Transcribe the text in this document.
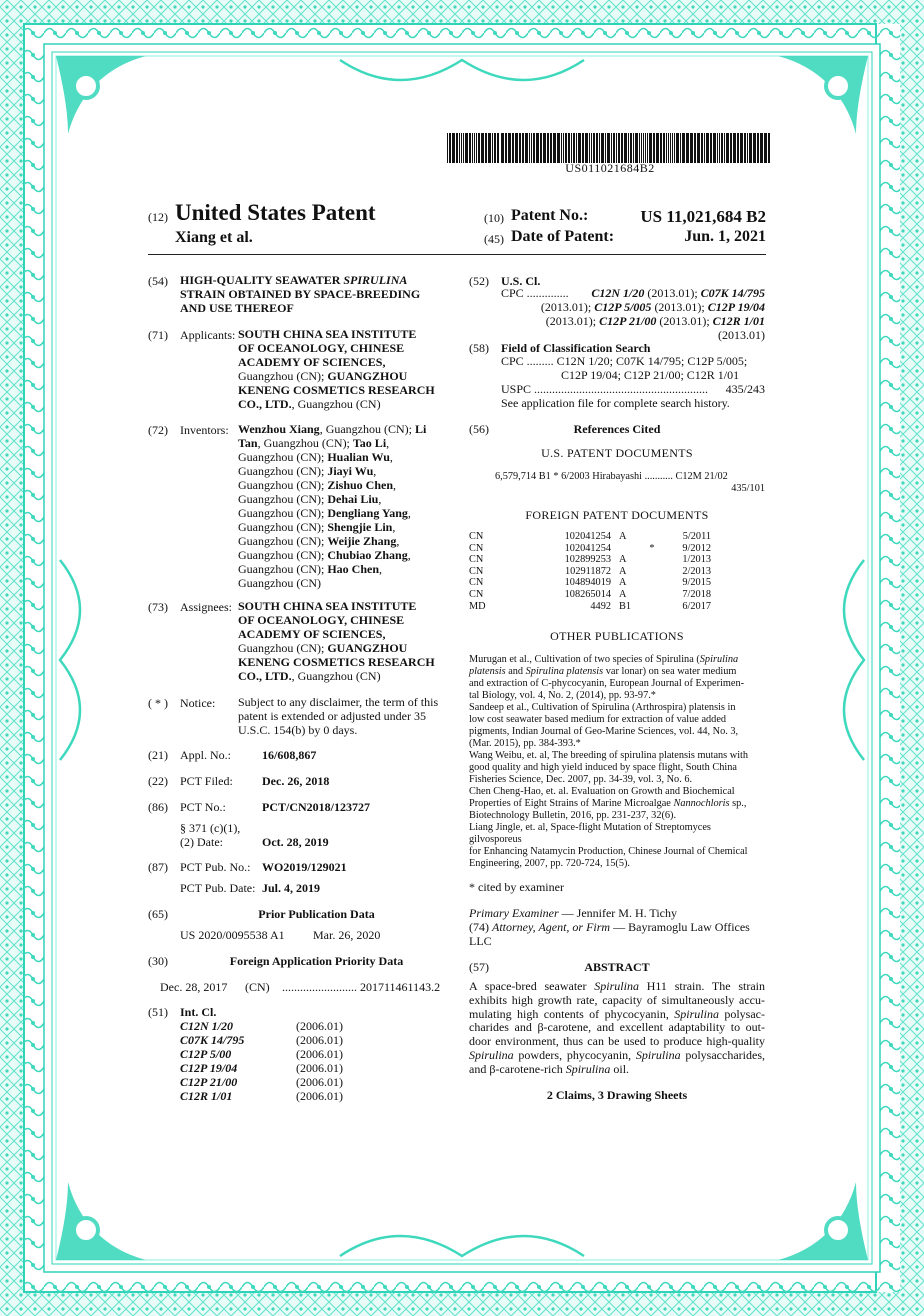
US011021684B2
(12) United States Patent
Xiang et al.
(10) Patent No.:	US 11,021,684 B2
(45) Date of Patent:	Jun. 1, 2021
(54) HIGH-QUALITY SEAWATER SPIRULINA
STRAIN OBTAINED BY SPACE-BREEDING
AND USE THEREOF
(71) Applicants: SOUTH CHINA SEA INSTITUTE
OF OCEANOLOGY, CHINESE
ACADEMY OF SCIENCES,
Guangzhou (CN); GUANGZHOU
KENENG COSMETICS RESEARCH
CO., LTD., Guangzhou (CN)
(72) Inventors: Wenzhou Xiang, Guangzhou (CN); Li
Tan, Guangzhou (CN); Tao Li,
Guangzhou (CN); Hualian Wu,
Guangzhou (CN); Jiayi Wu,
Guangzhou (CN); Zishuo Chen,
Guangzhou (CN); Dehai Liu,
Guangzhou (CN); Dengliang Yang,
Guangzhou (CN); Shengjie Lin,
Guangzhou (CN); Weijie Zhang,
Guangzhou (CN); Chubiao Zhang,
Guangzhou (CN); Hao Chen,
Guangzhou (CN)
(73) Assignees: SOUTH CHINA SEA INSTITUTE
OF OCEANOLOGY, CHINESE
ACADEMY OF SCIENCES,
Guangzhou (CN); GUANGZHOU
KENENG COSMETICS RESEARCH
CO., LTD., Guangzhou (CN)
( * ) Notice: Subject to any disclaimer, the term of this
patent is extended or adjusted under 35
U.S.C. 154(b) by 0 days.
(21) Appl. No.:	16/608,867
(22) PCT Filed: Dec. 26, 2018
(86) PCT No.:	PCT/CN2018/123727
§ 371 (c)(1),
(2) Date:	Oct. 28, 2019
(87) PCT Pub. No.: WO2019/129021
PCT Pub. Date: Jul. 4, 2019
(65)	Prior Publication Data
US 2020/0095538 A1 Mar. 26, 2020
(30)	Foreign Application Priority Data
Dec. 28, 2017 (CN) ......................... 201711461143.2
(51) Int. Cl.
C12N 1/20	(2006.01)
C07K 14/795	(2006.01)
C12P 5/00	(2006.01)
C12P 19/04	(2006.01)
C12P 21/00	(2006.01)
C12R 1/01	(2006.01)
(52) U.S. Cl.
CPC .............. C12N 1/20 (2013.01); C07K 14/795
(2013.01); C12P 5/005 (2013.01); C12P 19/04
(2013.01); C12P 21/00 (2013.01); C12R 1/01
(2013.01)
(58) Field of Classification Search
CPC ......... C12N 1/20; C07K 14/795; C12P 5/005;
C12P 19/04; C12P 21/00; C12R 1/01
USPC .......................................................... 435/243
See application file for complete search history.
(56)	References Cited
U.S. PATENT DOCUMENTS
6,579,714 B1 * 6/2003 Hirabayashi ........... C12M 21/02
435/101
FOREIGN PATENT DOCUMENTS
CN	102041254	A		5/2011
CN	102041254		*	9/2012
CN	102899253	A		1/2013
CN	102911872	A		2/2013
CN	104894019	A		9/2015
CN	108265014	A		7/2018
MD	4492	B1		6/2017
OTHER PUBLICATIONS
Murugan et al., Cultivation of two species of Spirulina (Spirulina
platensis and Spirulina platensis var lonar) on sea water medium
and extraction of C-phycocyanin, European Journal of Experimen-
tal Biology, vol. 4, No. 2, (2014), pp. 93-97.*
Sandeep et al., Cultivation of Spirulina (Arthrospira) platensis in
low cost seawater based medium for extraction of value added
pigments, Indian Journal of Geo-Marine Sciences, vol. 44, No. 3,
(Mar. 2015), pp. 384-393.*
Wang Weibu, et. al, The breeding of spirulina platensis mutans with
good quality and high yield induced by space flight, South China
Fisheries Science, Dec. 2007, pp. 34-39, vol. 3, No. 6.
Chen Cheng-Hao, et. al. Evaluation on Growth and Biochemical
Properties of Eight Strains of Marine Microalgae Nannochloris sp.,
Biotechnology Bulletin, 2016, pp. 231-237, 32(6).
Liang Jingle, et. al, Space-flight Mutation of Streptomyces gilvosporeus
for Enhancing Natamycin Production, Chinese Journal of Chemical
Engineering, 2007, pp. 720-724, 15(5).
* cited by examiner
Primary Examiner — Jennifer M. H. Tichy
(74) Attorney, Agent, or Firm — Bayramoglu Law Offices
LLC
(57)	ABSTRACT
A space-bred seawater Spirulina H11 strain. The strain
exhibits high growth rate, capacity of simultaneously accu-
mulating high contents of phycocyanin, Spirulina polysac-
charides and β-carotene, and excellent adaptability to out-
door environment, thus can be used to produce high-quality
Spirulina powders, phycocyanin, Spirulina polysaccharides,
and β-carotene-rich Spirulina oil.
2 Claims, 3 Drawing Sheets
